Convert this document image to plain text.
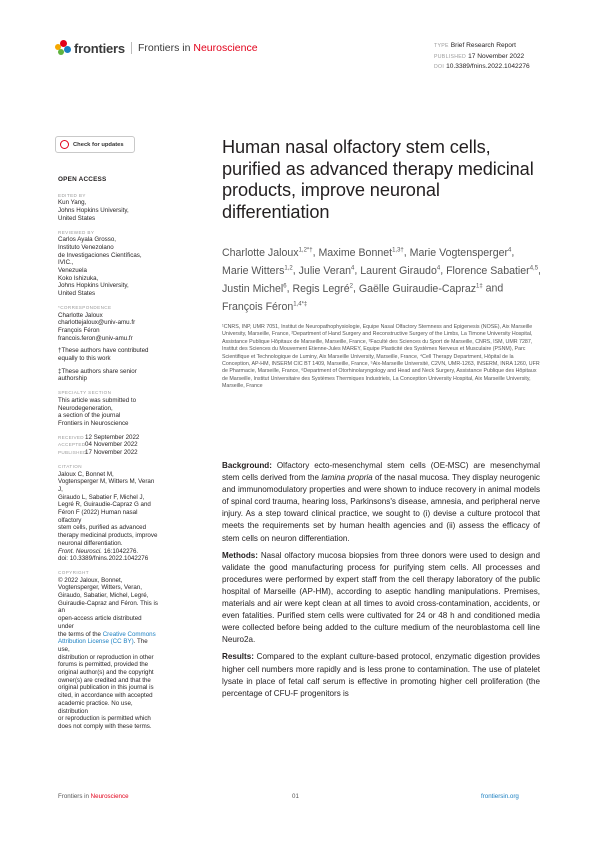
frontiers Frontiers in Neuroscience	TYPE Brief Research Report
PUBLISHED 17 November 2022
DOI 10.3389/fnins.2022.1042276
Check for updates
OPEN ACCESS
EDITED BY

Kun Yang,

Johns Hopkins University,

United States

REVIEWED BY

Carlos Ayala Grosso,

Instituto Venezolano

de Investigaciones Científicas, IVIC.,

Venezuela

Koko Ishizuka,

Johns Hopkins University,

United States

*CORRESPONDENCE

Charlotte Jaloux

charlottejaloux@univ-amu.fr

François Féron

francois.feron@univ-amu.fr

†These authors have contributed equally to this work

‡These authors share senior authorship

SPECIALTY SECTION

This article was submitted to

Neurodegeneration,

a section of the journal

Frontiers in Neuroscience

RECEIVED 12 September 2022
ACCEPTED 04 November 2022
PUBLISHED
17 November 2022
CITATION

Jaloux C, Bonnet M,

Vogtensperger M, Witters M, Veran J,

Giraudo L, Sabatier F, Michel J,

Legré R, Guiraudie-Capraz G and

Féron F (2022) Human nasal olfactory

stem cells, purified as advanced

therapy medicinal products, improve

neuronal differentiation.

Front. Neurosci. 16:1042276.

doi: 10.3389/fnins.2022.1042276

COPYRIGHT

© 2022 Jaloux, Bonnet,

Vogtensperger, Witters, Veran,

Giraudo, Sabatier, Michel, Legré,

Guiraudie-Capraz and Féron. This is an

open-access article distributed under

the terms of the Creative Commons

Attribution License (CC BY). The use,

distribution or reproduction in other

forums is permitted, provided the

original author(s) and the copyright

owner(s) are credited and that the

original publication in this journal is

cited, in accordance with accepted

academic practice. No use, distribution

or reproduction is permitted which

does not comply with these terms.

Human nasal olfactory stem cells, purified as advanced therapy medicinal products, improve neuronal differentiation

Charlotte Jaloux$^{1,2*\dagger}$, Maxime Bonnet$^{1,3\dagger}$, Marie Vogtensperger$^4$, Marie Witters$^{1,2}$, Julie Veran$^4$, Laurent Giraudo$^4$, Florence Sabatier$^{4,5}$, Justin Michel$^6$, Regis Legré$^2$, Gaëlle Guiraudie-Capraz$^{1\ddagger}$ and François Féron$^{1,4*\ddagger}$

¹CNRS, INP, UMR 7051, Institut de Neuropathophysiologie, Equipe Nasal Olfactory Stemness and Epigenesis (NOSE), Aix Marseille University, Marseille, France, ²Department of Hand Surgery and Reconstructive Surgery of the Limbs, La Timone University Hospital, Assistance Publique Hôpitaux de Marseille, Marseille, France, ³Faculté des Sciences du Sport de Marseille, CNRS, ISM, UMR 7287, Institut des Sciences du Mouvement Etienne-Jules MAREY, Equipe Plasticité des Systèmes Nerveux et Musculaire (PSNM), Parc Scientifique et Technologique de Luminy, Aix Marseille University, Marseille, France, ⁴Cell Therapy Department, Hôpital de la Conception, AP-HM, INSERM CIC BT 1409, Marseille, France, ⁵Aix-Marseille Université, C2VN, UMR-1263, INSERM, INRA 1260, UFR de Pharmacie, Marseille, France, ⁶Department of Otorhinolaryngology and Head and Neck Surgery, Assistance Publique des Hôpitaux de Marseille, Institut Universitaire des Systèmes Thermiques Industriels, La Conception University Hospital, Aix Marseille University, Marseille, France

Background: Olfactory ecto-mesenchymal stem cells (OE-MSC) are mesenchymal stem cells derived from the lamina propria of the nasal mucosa. They display neurogenic and immunomodulatory properties and were shown to induce recovery in animal models of spinal cord trauma, hearing loss, Parkinsons's disease, amnesia, and peripheral nerve injury. As a step toward clinical practice, we sought to (i) devise a culture protocol that meets the requirements set by human health agencies and (ii) assess the efficacy of stem cells on neuron differentiation.

Methods: Nasal olfactory mucosa biopsies from three donors were used to design and validate the good manufacturing process for purifying stem cells. All processes and procedures were performed by expert staff from the cell therapy laboratory of the public hospital of Marseille (AP-HM), according to aseptic handling manipulations. Premises, materials and air were kept clean at all times to avoid cross-contamination, accidents, or even fatalities. Purified stem cells were cultivated for 24 or 48 h and conditioned media were collected before being added to the culture medium of the neuroblastoma cell line Neuro2a.

Results: Compared to the explant culture-based protocol, enzymatic digestion provides higher cell numbers more rapidly and is less prone to contamination. The use of platelet lysate in place of fetal calf serum is effective in promoting higher cell proliferation (the percentage of CFU-F progenitors is

Frontiers in Neuroscience	01	frontiersin.org
